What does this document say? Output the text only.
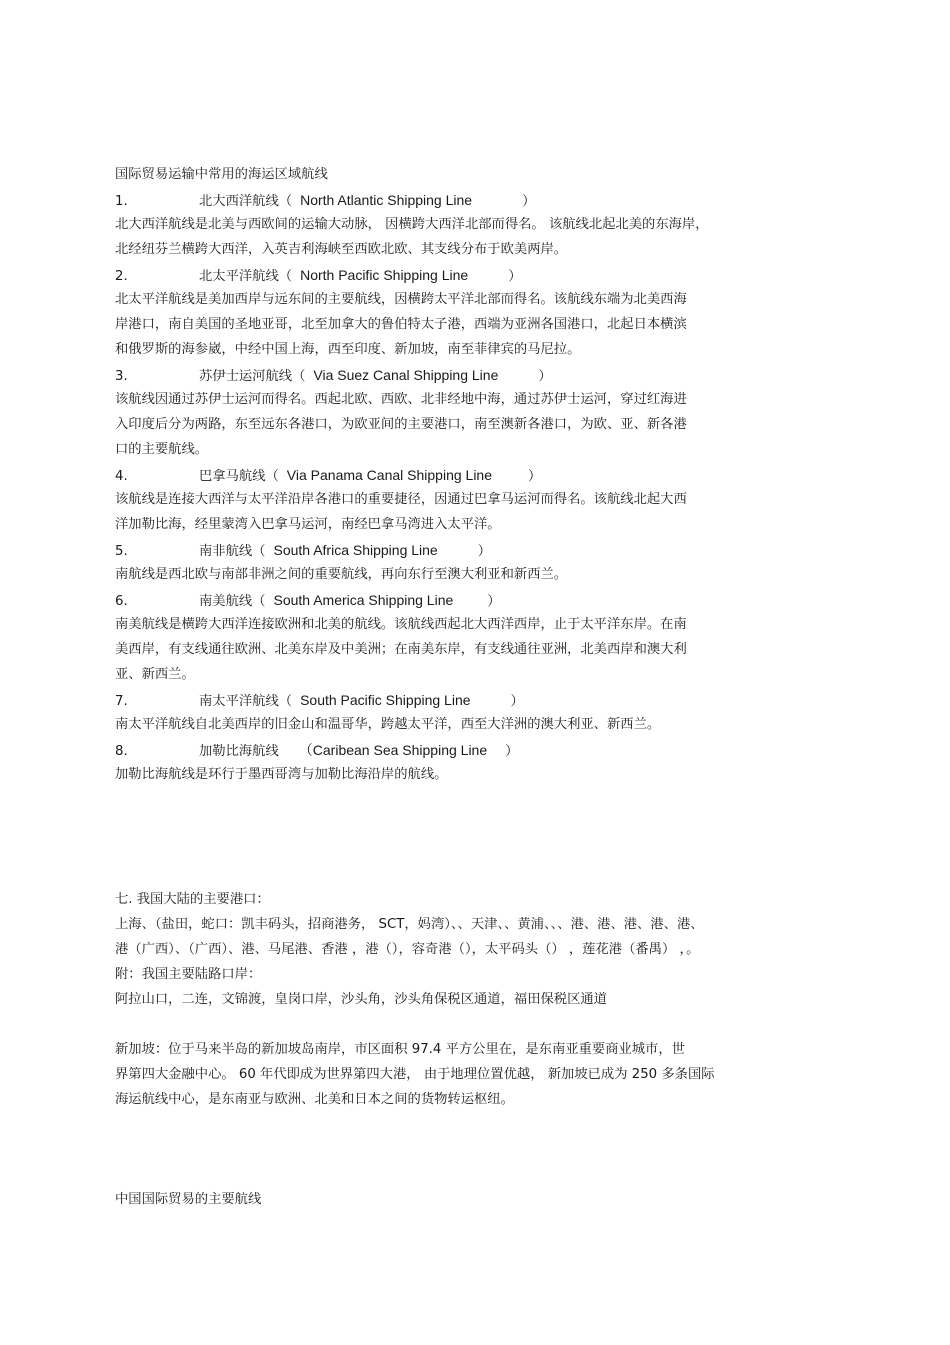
国际贸易运输中常用的海运区域航线

1.	北大西洋航线（ North Atlantic Shipping Line	）

北大西洋航线是北美与西欧间的运输大动脉， 因横跨大西洋北部而得名。 该航线北起北美的东海岸，

北经纽芬兰横跨大西洋，入英吉利海峡至西欧北欧、其支线分布于欧美两岸。

2.	北太平洋航线（ North Pacific Shipping Line	）

北太平洋航线是美加西岸与远东间的主要航线，因横跨太平洋北部而得名。该航线东端为北美西海

岸港口，南自美国的圣地亚哥，北至加拿大的鲁伯特太子港，西端为亚洲各国港口，北起日本横滨

和俄罗斯的海参崴，中经中国上海，西至印度、新加坡，南至菲律宾的马尼拉。

3.	苏伊士运河航线（ Via Suez Canal Shipping Line	）

该航线因通过苏伊士运河而得名。西起北欧、西欧、北非经地中海，通过苏伊士运河，穿过红海进

入印度后分为两路，东至远东各港口，为欧亚间的主要港口，南至澳新各港口，为欧、亚、新各港

口的主要航线。

4.	巴拿马航线（ Via Panama Canal Shipping Line	）

该航线是连接大西洋与太平洋沿岸各港口的重要捷径，因通过巴拿马运河而得名。该航线北起大西

洋加勒比海，经里蒙湾入巴拿马运河，南经巴拿马湾进入太平洋。

5.	南非航线（ South Africa Shipping Line	）

南航线是西北欧与南部非洲之间的重要航线，再向东行至澳大利亚和新西兰。

6.	南美航线（ South America Shipping Line	）

南美航线是横跨大西洋连接欧洲和北美的航线。该航线西起北大西洋西岸，止于太平洋东岸。在南

美西岸，有支线通往欧洲、北美东岸及中美洲；在南美东岸，有支线通往亚洲，北美西岸和澳大利

亚、新西兰。

7.	南太平洋航线（ South Pacific Shipping Line	）

南太平洋航线自北美西岸的旧金山和温哥华，跨越太平洋，西至大洋洲的澳大利亚、新西兰。

8.	加勒比海航线 （Caribean Sea Shipping Line ）

加勒比海航线是环行于墨西哥湾与加勒比海沿岸的航线。

七. 我国大陆的主要港口：

上海、（盐田，蛇口：凯丰码头，招商港务， SCT，妈湾）、、天津、、黄浦、、、港、港、港、港、港、

港（广西）、（广西）、港、马尾港、香港 ，港（），容奇港（），太平码头（） ，莲花港（番禺） ，。

附：我国主要陆路口岸：

阿拉山口，二连，文锦渡，皇岗口岸，沙头角，沙头角保税区通道，福田保税区通道

新加坡：位于马来半岛的新加坡岛南岸，市区面积 97.4 平方公里在，是东南亚重要商业城市，世

界第四大金融中心。 60 年代即成为世界第四大港， 由于地理位置优越， 新加坡已成为 250 多条国际

海运航线中心，是东南亚与欧洲、北美和日本之间的货物转运枢纽。

中国国际贸易的主要航线
